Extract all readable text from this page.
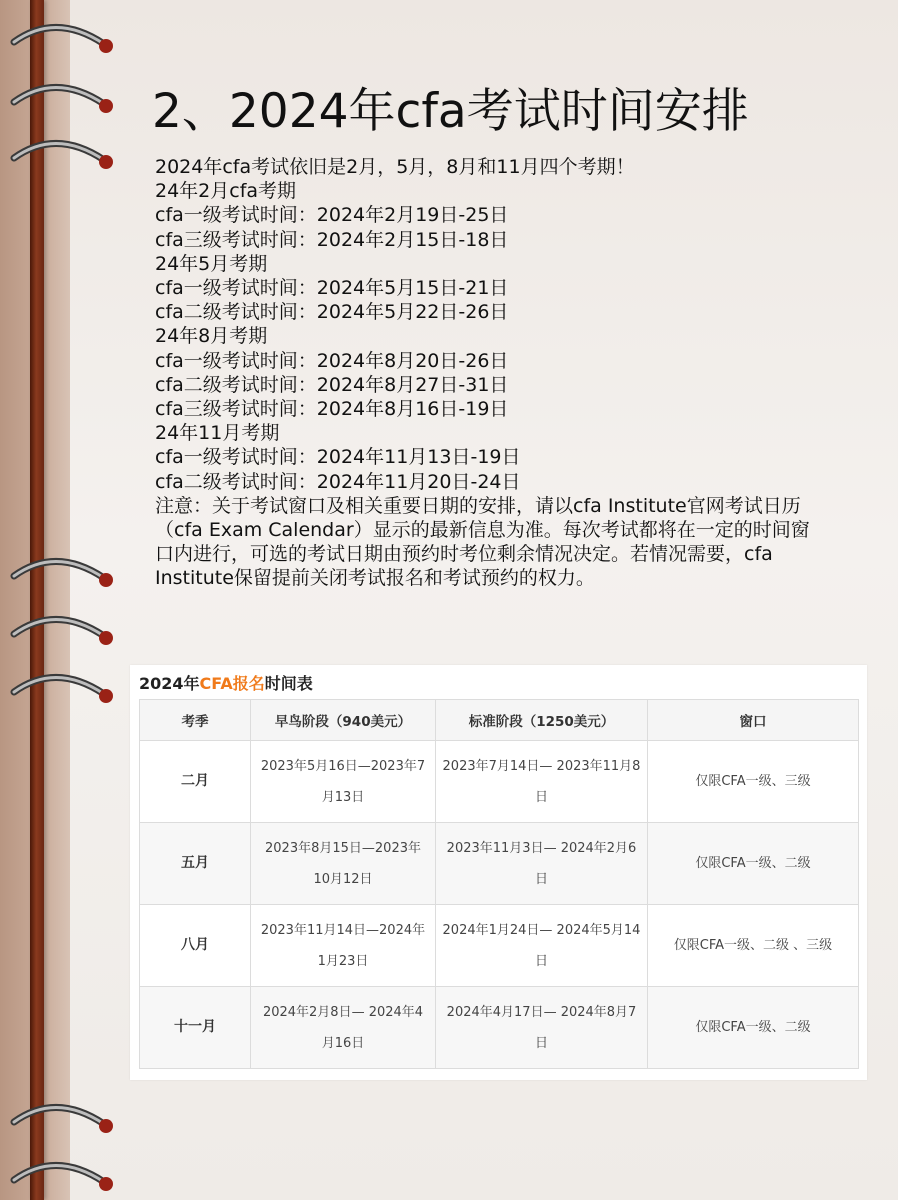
2、2024年cfa考试时间安排
2024年cfa考试依旧是2月，5月，8月和11月四个考期！
24年2月cfa考期
cfa一级考试时间：2024年2月19日-25日
cfa三级考试时间：2024年2月15日-18日
24年5月考期
cfa一级考试时间：2024年5月15日-21日
cfa二级考试时间：2024年5月22日-26日
24年8月考期
cfa一级考试时间：2024年8月20日-26日
cfa二级考试时间：2024年8月27日-31日
cfa三级考试时间：2024年8月16日-19日
24年11月考期
cfa一级考试时间：2024年11月13日-19日
cfa二级考试时间：2024年11月20日-24日
注意：关于考试窗口及相关重要日期的安排，请以cfa Institute官网考试日历（cfa Exam Calendar）显示的最新信息为准。每次考试都将在一定的时间窗口内进行，可选的考试日期由预约时考位剩余情况决定。若情况需要，cfa Institute保留提前关闭考试报名和考试预约的权力。
2024年CFA报名时间表
考季	早鸟阶段（940美元）	标准阶段（1250美元）	窗口
二月	2023年5月16日—2023年7月13日	2023年7月14日— 2023年11月8日	仅限CFA一级、三级
五月	2023年8月15日—2023年10月12日	2023年11月3日— 2024年2月6日	仅限CFA一级、二级
八月	2023年11月14日—2024年1月23日	2024年1月24日— 2024年5月14日	仅限CFA一级、二级 、三级
十一月	2024年2月8日— 2024年4月16日	2024年4月17日— 2024年8月7日	仅限CFA一级、二级
